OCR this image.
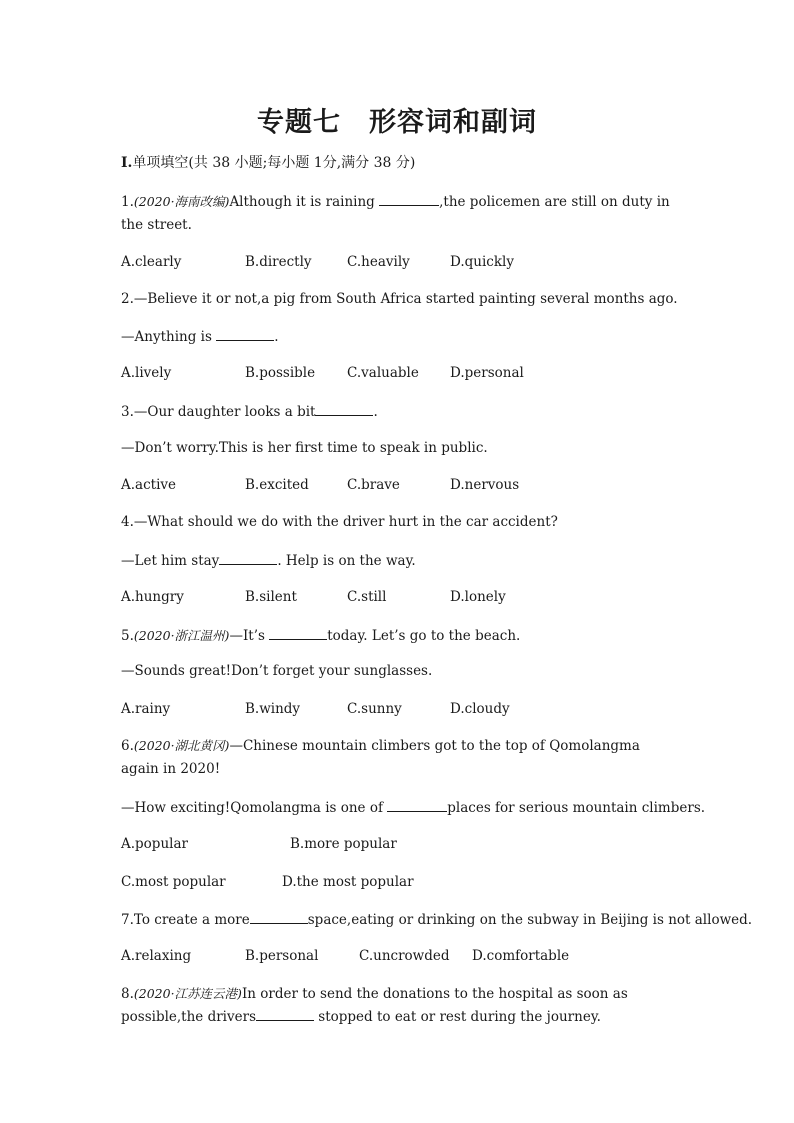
专题七　形容词和副词
Ⅰ.单项填空(共 38 小题;每小题 1分,满分 38 分)
1.(2020·海南改编)Although it is raining	,the policemen are still on duty in the street.
A.clearly	B.directly	C.heavily	D.quickly
2.—Believe it or not,a pig from South Africa started painting several months ago.
—Anything is	.
A.lively	B.possible C.valuable D.personal
3.—Our daughter looks a bit	.
—Don’t worry.This is her first time to speak in public.
A.active	B.excited	C.brave	D.nervous
4.—What should we do with the driver hurt in the car accident?
—Let him stay	. Help is on the way.
A.hungry	B.silent	C.still	D.lonely
5.(2020·浙江温州)—It’s	today. Let’s go to the beach.
—Sounds great!Don’t forget your sunglasses.
A.rainy	B.windy	C.sunny	D.cloudy
6.(2020·湖北黄冈)—Chinese mountain climbers got to the top of Qomolangma again in 2020!
—How exciting!Qomolangma is one of	places for serious mountain climbers.
A.popular	B.more popular
C.most popular	D.the most popular
7.To create a more	space,eating or drinking on the subway in Beijing is not allowed.
A.relaxing	B.personal	C.uncrowded D.comfortable
8.(2020·江苏连云港)In order to send the donations to the hospital as soon as possible,the drivers	stopped to eat or rest during the journey.
